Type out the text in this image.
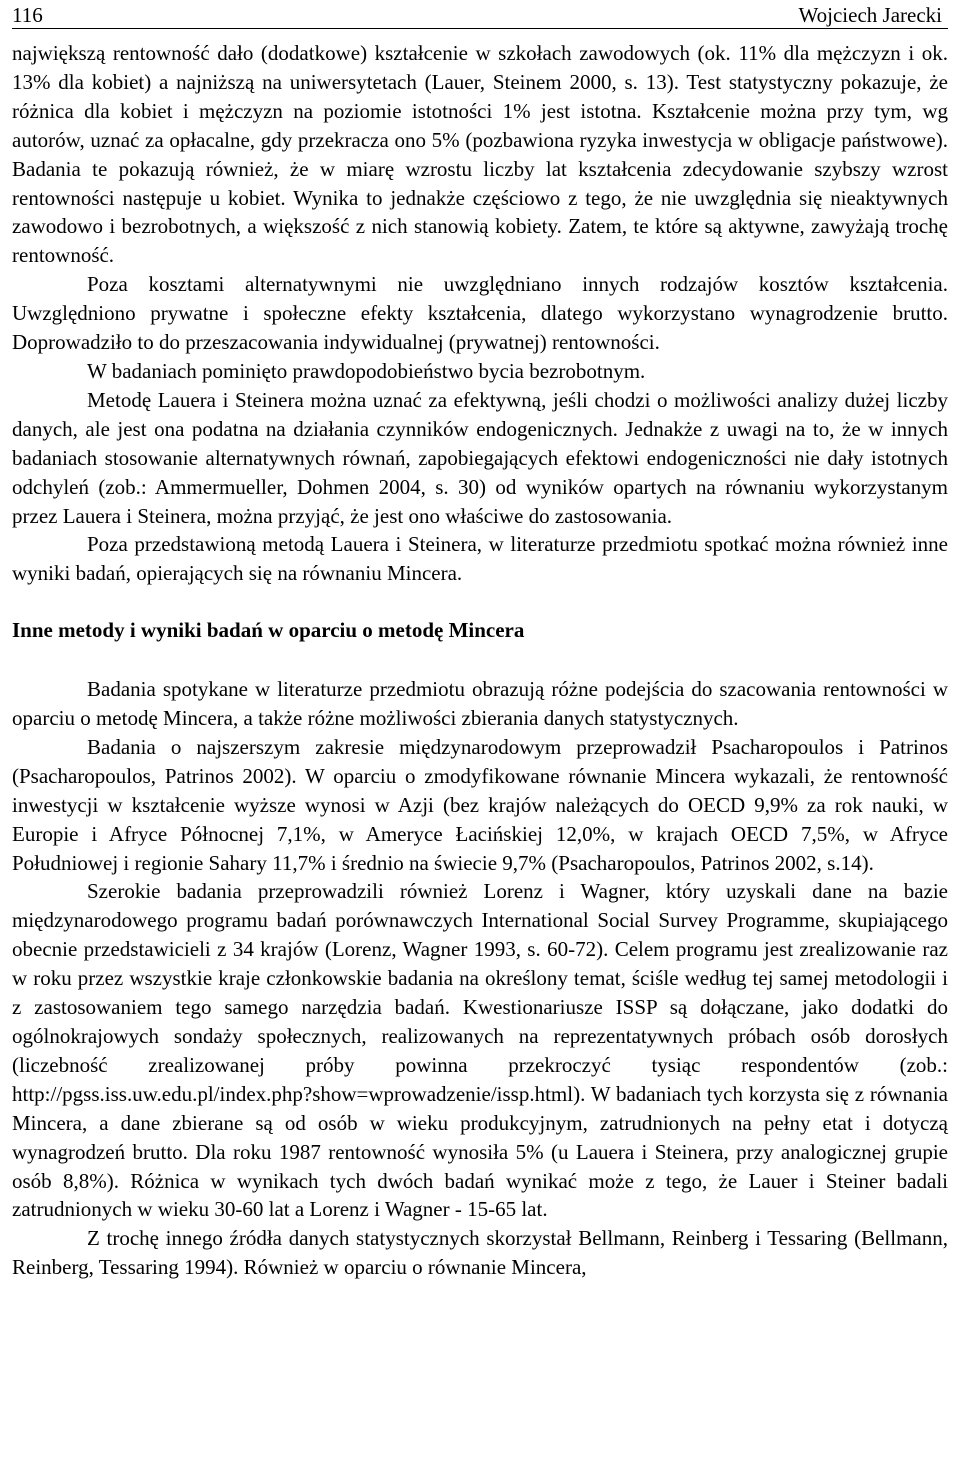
116	Wojciech Jarecki

największą rentowność dało (dodatkowe) kształcenie w szkołach zawodowych (ok. 11% dla mężczyzn i ok. 13% dla kobiet) a najniższą na uniwersytetach (Lauer, Steinem 2000, s. 13). Test statystyczny pokazuje, że różnica dla kobiet i mężczyzn na poziomie istotności 1% jest istotna. Kształcenie można przy tym, wg autorów, uznać za opłacalne, gdy przekracza ono 5% (pozbawiona ryzyka inwestycja w obligacje państwowe). Badania te pokazują również, że w miarę wzrostu liczby lat kształcenia zdecydowanie szybszy wzrost rentowności następuje u kobiet. Wynika to jednakże częściowo z tego, że nie uwzględnia się nieaktywnych zawodowo i bezrobotnych, a większość z nich stanowią kobiety. Zatem, te które są aktywne, zawyżają trochę rentowność.

Poza kosztami alternatywnymi nie uwzględniano innych rodzajów kosztów kształcenia. Uwzględniono prywatne i społeczne efekty kształcenia, dlatego wykorzystano wynagrodzenie brutto. Doprowadziło to do przeszacowania indywidualnej (prywatnej) rentowności.

W badaniach pominięto prawdopodobieństwo bycia bezrobotnym.

Metodę Lauera i Steinera można uznać za efektywną, jeśli chodzi o możliwości analizy dużej liczby danych, ale jest ona podatna na działania czynników endogenicznych. Jednakże z uwagi na to, że w innych badaniach stosowanie alternatywnych równań, zapobiegających efektowi endogeniczności nie dały istotnych odchyleń (zob.: Ammermueller, Dohmen 2004, s. 30) od wyników opartych na równaniu wykorzystanym przez Lauera i Steinera, można przyjąć, że jest ono właściwe do zastosowania.

Poza przedstawioną metodą Lauera i Steinera, w literaturze przedmiotu spotkać można również inne wyniki badań, opierających się na równaniu Mincera.

Inne metody i wyniki badań w oparciu o metodę Mincera

Badania spotykane w literaturze przedmiotu obrazują różne podejścia do szacowania rentowności w oparciu o metodę Mincera, a także różne możliwości zbierania danych statystycznych.

Badania o najszerszym zakresie międzynarodowym przeprowadził Psacharopoulos i Patrinos (Psacharopoulos, Patrinos 2002). W oparciu o zmodyfikowane równanie Mincera wykazali, że rentowność inwestycji w kształcenie wyższe wynosi w Azji (bez krajów należących do OECD 9,9% za rok nauki, w Europie i Afryce Północnej 7,1%, w Ameryce Łacińskiej 12,0%, w krajach OECD 7,5%, w Afryce Południowej i regionie Sahary 11,7% i średnio na świecie 9,7% (Psacharopoulos, Patrinos 2002, s.14).

Szerokie badania przeprowadzili również Lorenz i Wagner, który uzyskali dane na bazie międzynarodowego programu badań porównawczych International Social Survey Programme, skupiającego obecnie przedstawicieli z 34 krajów (Lorenz, Wagner 1993, s. 60-72). Celem programu jest zrealizowanie raz w roku przez wszystkie kraje członkowskie badania na określony temat, ściśle według tej samej metodologii i z zastosowaniem tego samego narzędzia badań. Kwestionariusze ISSP są dołączane, jako dodatki do ogólnokrajowych sondaży społecznych, realizowanych na reprezentatywnych próbach osób dorosłych (liczebność zrealizowanej próby powinna przekroczyć tysiąc respondentów (zob.: http://pgss.iss.uw.edu.pl/index.php?show=wprowadzenie/issp.html). W badaniach tych korzysta się z równania Mincera, a dane zbierane są od osób w wieku produkcyjnym, zatrudnionych na pełny etat i dotyczą wynagrodzeń brutto. Dla roku 1987 rentowność wynosiła 5% (u Lauera i Steinera, przy analogicznej grupie osób 8,8%). Różnica w wynikach tych dwóch badań wynikać może z tego, że Lauer i Steiner badali zatrudnionych w wieku 30-60 lat a Lorenz i Wagner - 15-65 lat.

Z trochę innego źródła danych statystycznych skorzystał Bellmann, Reinberg i Tessaring (Bellmann, Reinberg, Tessaring 1994). Również w oparciu o równanie Mincera,
